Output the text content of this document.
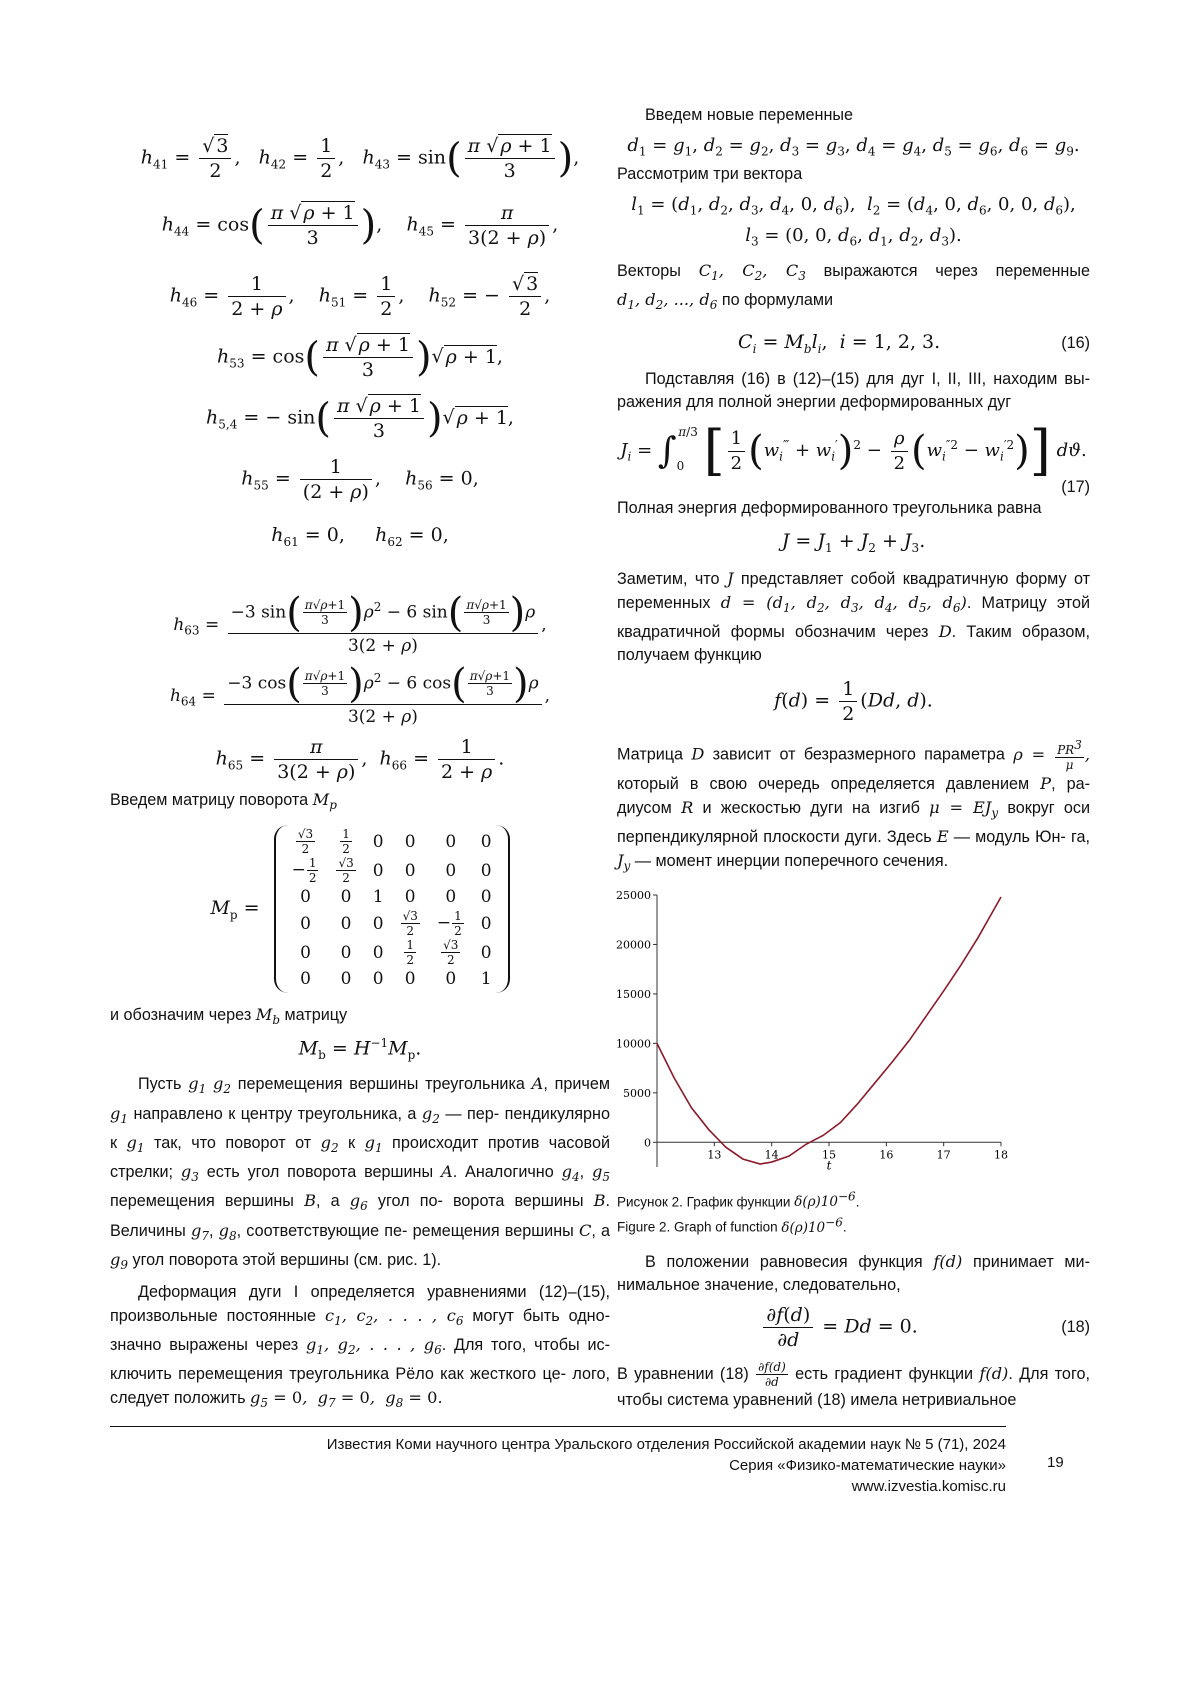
$h_{41} = \frac{√ 3}{2}$ ,   $h_{42} = \frac{1}{2}$ ,   $h_{43} = \sin( \frac{\pi √ \rho + 1}{3}$ ),
$h_{44} = \cos( \frac{\pi √ \rho + 1}{3}$ ),    $h_{45} = \frac{\pi}{3(2 + \rho)}$ ,
$h_{46} = \frac{1}{2 + \rho}$ ,    $h_{51} = \frac{1}{2}$ ,    $h_{52}$ = − $\frac{√ 3}{2}$ ,
$h_{53} = \cos( \frac{\pi √ \rho + 1}{3}$ )√ ρ + 1,
$h_{5,4}$ = − $\sin( \frac{\pi √ \rho + 1}{3}$ )√ ρ + 1,
$h_{55} = \frac{1}{(2 + \rho)}$ ,    $h_{56} = 0$,
$h_{61} = 0$,     $h_{62} = 0$,
$h_{63} = \frac{-3 \sin( \frac{\pi√\rho+1}{3} )\rho^2 - 6 \sin( \frac{\pi√\rho+1}{3} )\rho}{3(2 + \rho)}$ ,
$h_{64} = \frac{-3 \cos( \frac{\pi√\rho+1}{3} )\rho^2 - 6 \cos( \frac{\pi√\rho+1}{3} )\rho}{3(2 + \rho)}$ ,
$h_{65} = \frac{\pi}{3(2 + \rho)}$ ,  $h_{66} = \frac{1}{2 + \rho}$ .

Введем матрицу поворота $M_p$

$M_p$ =
$\frac{√3}{2}$	$\frac{1}{2}$	0	0	0	0
− $\frac{1}{2}$	$\frac{√3}{2}$	0	0	0	0
0	0	1	0	0	0
0	0	0	$\frac{√3}{2}$	− $\frac{1}{2}$	0
0	0	0	$\frac{1}{2}$	$\frac{√3}{2}$	0
0	0	0	0	0	1

и обозначим через $M_b$ матрицу

$M_b = H^{-1}M_p$.

Пусть $g_1$ $g_2$ перемещения вершины треугольника A, причем $g_1$ направлено к центру треугольника, а $g_2$ — пер- пендикулярно к $g_1$ так, что поворот от $g_2$ к $g_1$ происходит против часовой стрелки; $g_3$ есть угол поворота вершины A. Аналогично $g_4$, $g_5$ перемещения вершины B, а $g_6$ угол по- ворота вершины B. Величины $g_7$, $g_8$, соответствующие пе- ремещения вершины C, а $g_9$ угол поворота этой вершины (см. рис. 1).

Деформация дуги I определяется уравнениями (12)–(15), произвольные постоянные $c_1$, $c_2$, . . . , $c_6$ могут быть одно- значно выражены через $g_1$, $g_2$, . . . , $g_6$. Для того, чтобы ис- ключить перемещения треугольника Рёло как жесткого це- лого, следует положить $g_5 = 0$,  $g_7 = 0$,  $g_8 = 0$.

Введем новые переменные

$d_1 = g_1$, $d_2 = g_2$, $d_3 = g_3$, $d_4 = g_4$, $d_5 = g_6$, $d_6 = g_9$.

Рассмотрим три вектора

$l_1 = (d_1$, $d_2$, $d_3$, $d_4$, 0, $d_6$),  $l_2 = (d_4$, 0, $d_6$, 0, 0, $d_6$),
$l_3 = (0$, 0, $d_6$, $d_1$, $d_2$, $d_3$).

Векторы $C_1$, $C_2$, $C_3$ выражаются через переменные $d_1$, $d_2$, ..., $d_6$ по формулами

$C_i = M_bl_i$,  i = 1, 2, 3.	(16)

Подставляя (16) в (12)–(15) для дуг I, II, III, находим вы- ражения для полной энергии деформированных дуг

$J_i = \int_0^{\pi/3}$ [ $\frac{1}{2} (w_i^‴ + w_i')^2 - \frac{\rho}{2} (w_i^{''2} - w_i^{'2})$] dϑ.
(17)

Полная энергия деформированного треугольника равна

$J = J_1 + J_2 + J_3$.

Заметим, что J представляет собой квадратичную форму от переменных $d = (d_1$, $d_2$, $d_3$, $d_4$, $d_5$, $d_6$). Матрицу этой квадратичной формы обозначим через D. Таким образом, получаем функцию

$f(d) = \frac{1}{2} (Dd$, d).

Матрица D зависит от безразмерного параметра $\rho = \frac{PR^3}{\mu}$ , который в свою очередь определяется давлением P, ра- диусом R и жескостью дуги на изгиб $\mu = EJ_y$ вокруг оси перпендикулярной плоскости дуги. Здесь E — модуль Юн- га, $J_y$ — момент инерции поперечного сечения.

0
5000
10000
15000
20000
25000
13	14	15	16	17	18
t

Рисунок 2. График функции $\delta(\rho)10^{-6}$.

Figure 2. Graph of function $\delta(\rho)10^{-6}$.

В положении равновесия функция f(d) принимает ми- нимальное значение, следовательно,

$\frac{\partial f(d)}{\partial d} = Dd = 0$.	(18)

В уравнении $(18) \frac{\partial f(d)}{\partial d}$ есть градиент функции f(d). Для того, чтобы система уравнений (18) имела нетривиальное

Известия Коми научного центра Уральского отделения Российской академии наук № 5 (71), 2024
Серия «Физико-математические науки»
www.izvestia.komisc.ru
19
